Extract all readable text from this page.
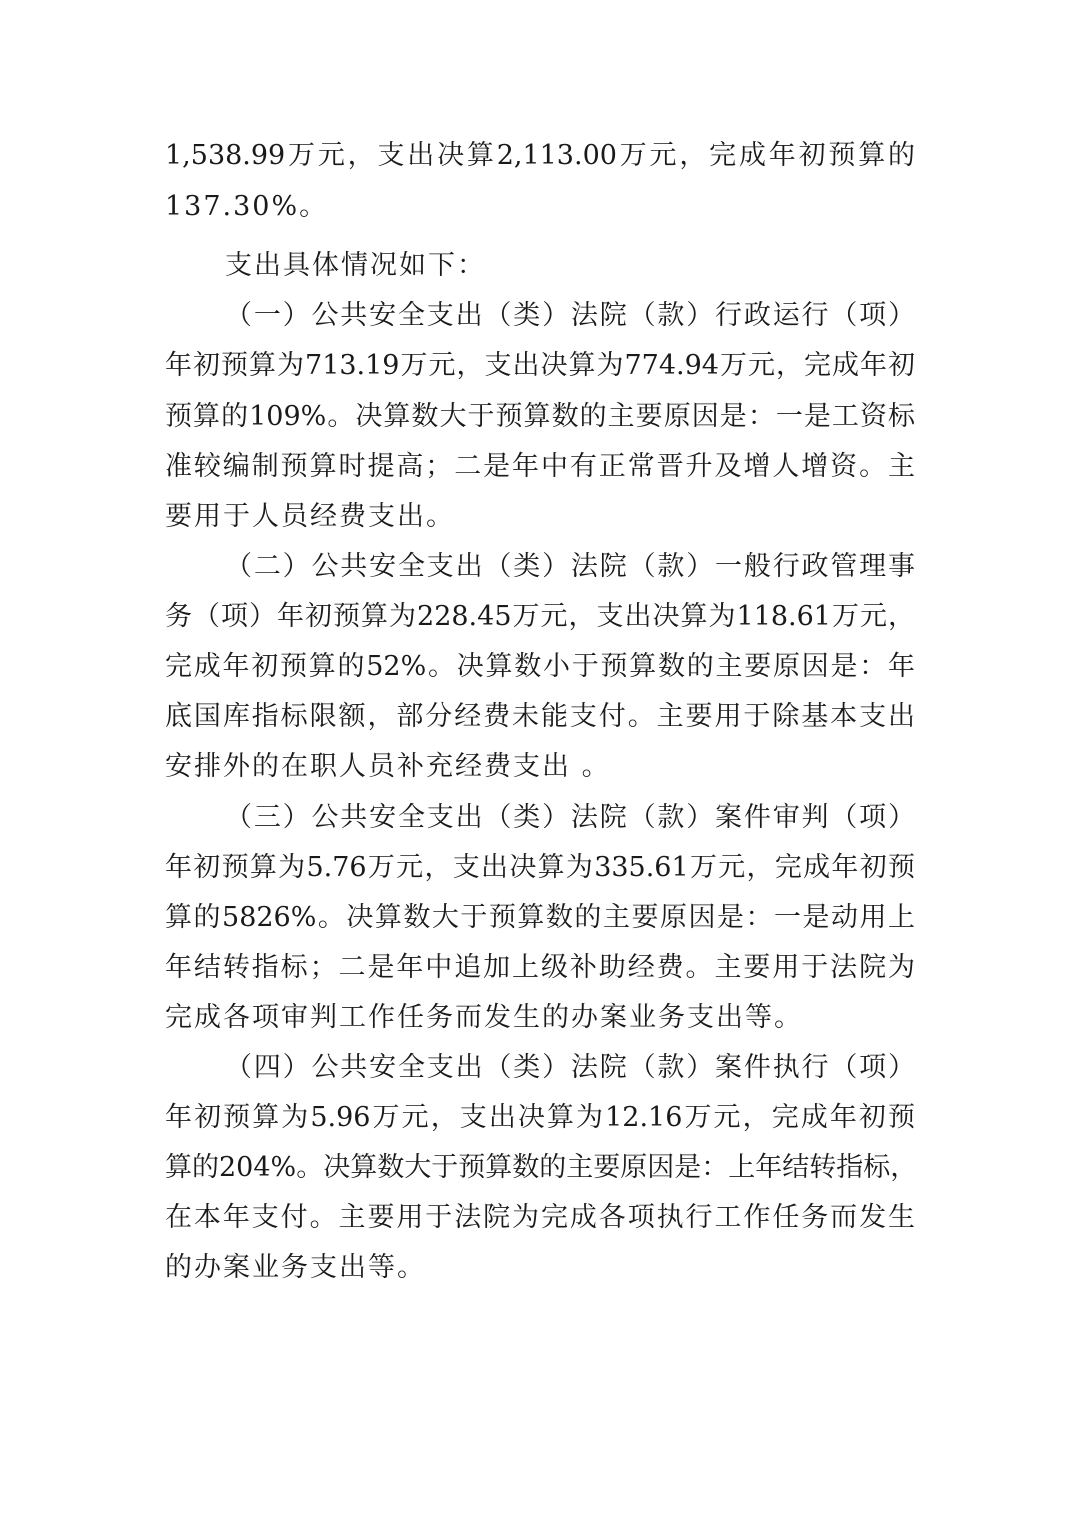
1,538.99万元，支出决算2,113.00万元，完成年初预算的
137.30%。
支出具体情况如下：
（一）公共安全支出（类）法院（款）行政运行（项）
年初预算为713.19万元，支出决算为774.94万元，完成年初
预算的109%。决算数大于预算数的主要原因是：一是工资标
准较编制预算时提高；二是年中有正常晋升及增人增资。主
要用于人员经费支出。
（二）公共安全支出（类）法院（款）一般行政管理事
务（项）年初预算为228.45万元，支出决算为118.61万元，
完成年初预算的52%。决算数小于预算数的主要原因是：年
底国库指标限额，部分经费未能支付。主要用于除基本支出
安排外的在职人员补充经费支出 。
（三）公共安全支出（类）法院（款）案件审判（项）
年初预算为5.76万元，支出决算为335.61万元，完成年初预
算的5826%。决算数大于预算数的主要原因是：一是动用上
年结转指标；二是年中追加上级补助经费。主要用于法院为
完成各项审判工作任务而发生的办案业务支出等。
（四）公共安全支出（类）法院（款）案件执行（项）
年初预算为5.96万元，支出决算为12.16万元，完成年初预
算的204%。决算数大于预算数的主要原因是：上年结转指标，
在本年支付。主要用于法院为完成各项执行工作任务而发生
的办案业务支出等。
